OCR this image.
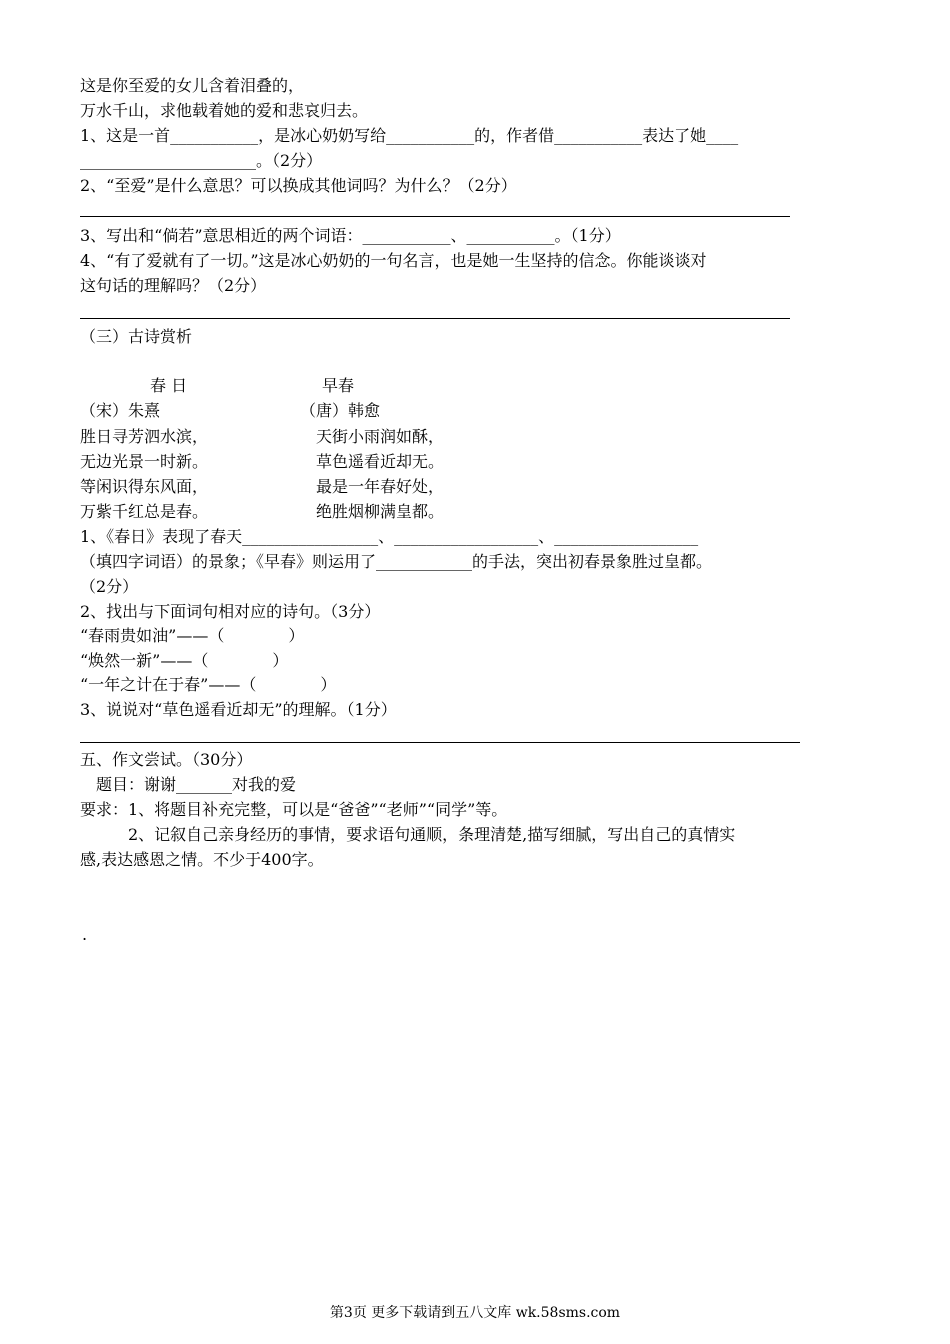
这是你至爱的女儿含着泪叠的，
万水千山，求他载着她的爱和悲哀归去。
1、这是一首___________，是冰心奶奶写给___________的，作者借___________表达了她____
______________________。（2分）
2、“至爱”是什么意思？可以换成其他词吗？为什么？（2分）
3、写出和“倘若”意思相近的两个词语：___________、___________。（1分）
4、“有了爱就有了一切。”这是冰心奶奶的一句名言，也是她一生坚持的信念。你能谈谈对
这句话的理解吗？（2分）
（三）古诗赏析
春 日	早春
（宋）朱熹	（唐）韩愈
胜日寻芳泗水滨，
无边光景一时新。
等闲识得东风面，
万紫千红总是春。
天街小雨润如酥，
草色遥看近却无。
最是一年春好处，
绝胜烟柳满皇都。
1、《春日》表现了春天_________________、__________________、__________________
（填四字词语）的景象；《早春》则运用了____________的手法，突出初春景象胜过皇都。
（2分）
2、找出与下面词句相对应的诗句。（3分）
“春雨贵如油”——（　　　　）
“焕然一新”——（　　　　）
“一年之计在于春”——（　　　　）
3、说说对“草色遥看近却无”的理解。（1分）
五、作文尝试。（30分）
题目：谢谢_______对我的爱
要求：1、将题目补充完整，可以是“爸爸”“老师”“同学”等。
2、记叙自己亲身经历的事情，要求语句通顺，条理清楚,描写细腻，写出自己的真情实
感,表达感恩之情。不少于400字。
.
第3页 更多下载请到五八文库 wk.58sms.com
